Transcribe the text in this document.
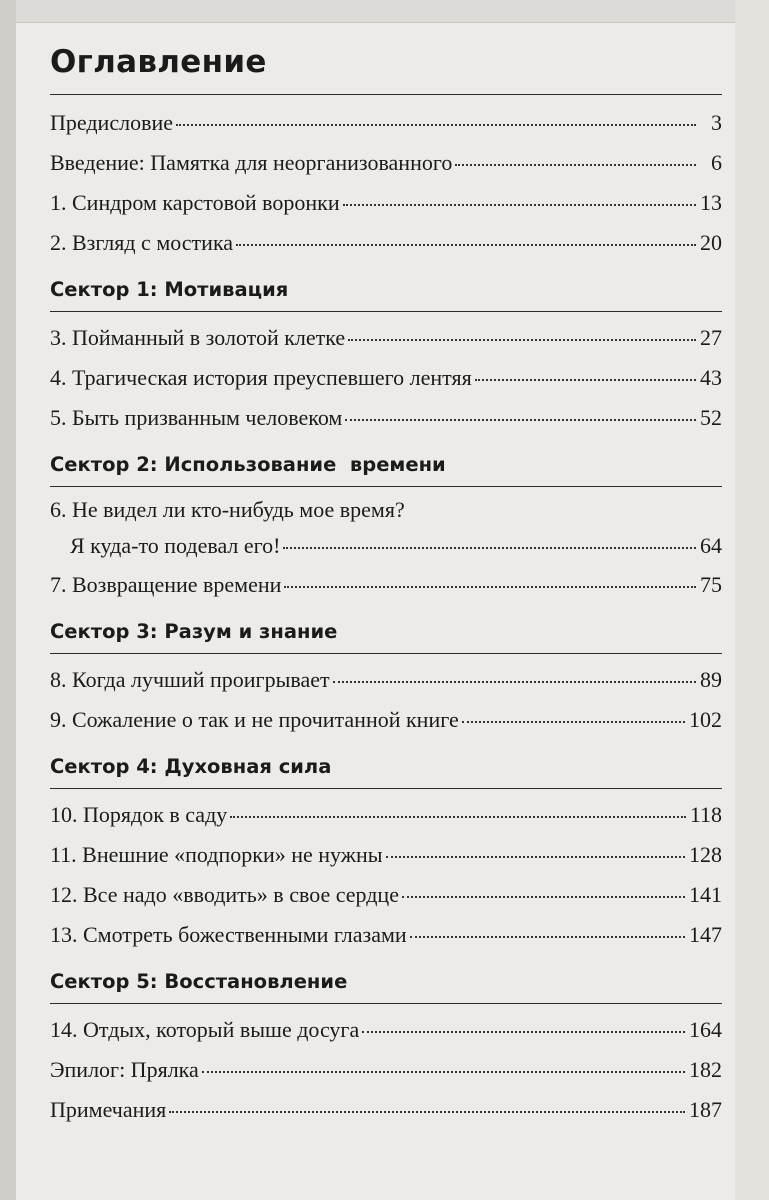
Оглавление
Предисловие	3
Введение: Памятка для неорганизованного	6
1. Синдром карстовой воронки	13
2. Взгляд с мостика	20
Сектор 1: Мотивация
3. Пойманный в золотой клетке	27
4. Трагическая история преуспевшего лентяя	43
5. Быть призванным человеком	52
Сектор 2: Использование  времени
6. Не видел ли кто-нибудь мое время?
Я куда-то подевал его!	64
7. Возвращение времени	75
Сектор 3: Разум и знание
8. Когда лучший проигрывает	89
9. Сожаление о так и не прочитанной книге	102
Сектор 4: Духовная сила
10. Порядок в саду	118
11. Внешние «подпорки» не нужны	128
12. Все надо «вводить» в свое сердце	141
13. Смотреть божественными глазами	147
Сектор 5: Восстановление
14. Отдых, который выше досуга	164
Эпилог: Прялка	182
Примечания	187
